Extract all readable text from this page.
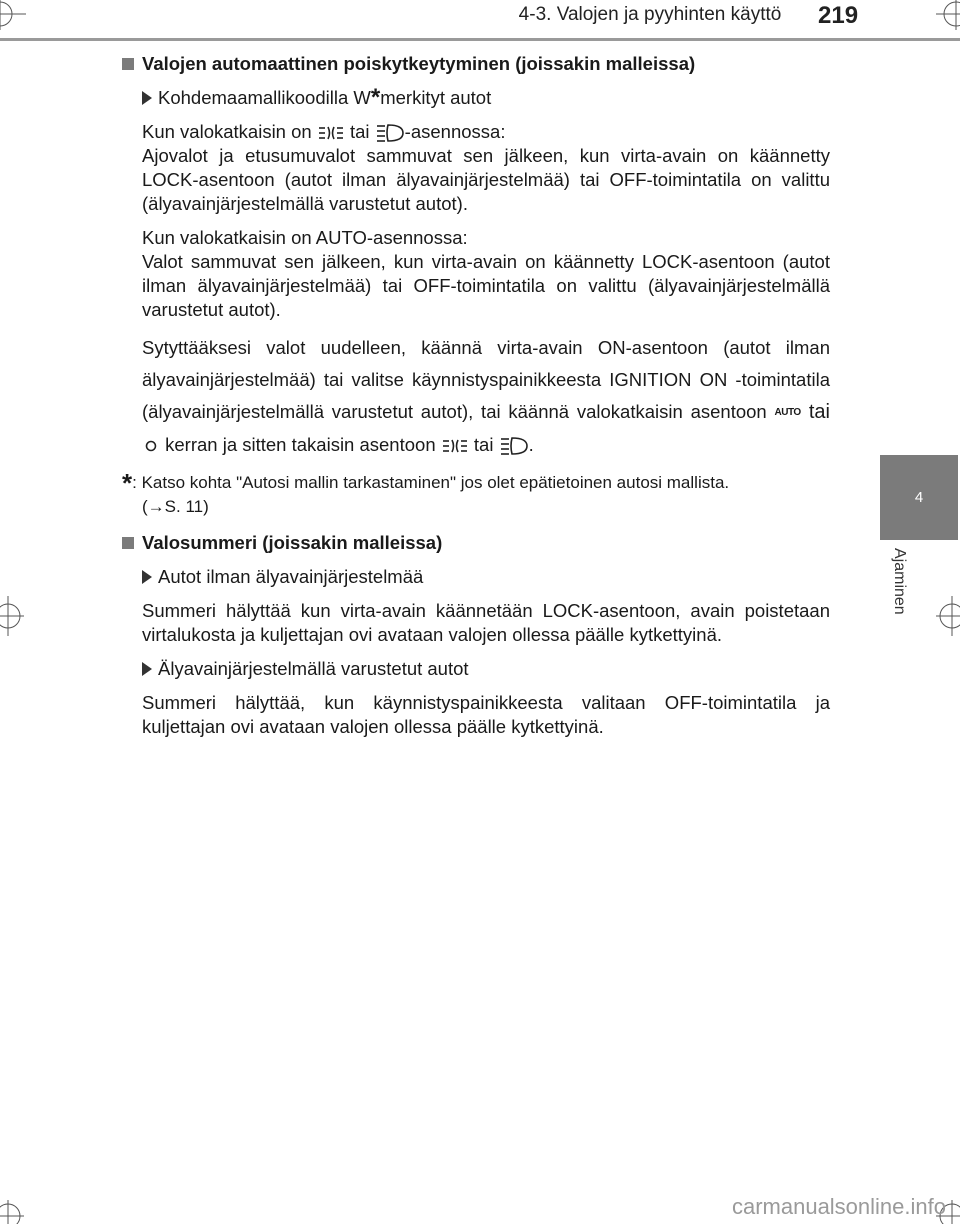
4-3. Valojen ja pyyhinten käyttö	219
4
Ajaminen
Valojen automaattinen poiskytkeytyminen (joissakin malleissa)
Kohdemaamallikoodilla W * merkityt autot

Kun valokatkaisin on  tai -asennossa:
Ajovalot ja etusumuvalot sammuvat sen jälkeen, kun virta-avain on käännetty LOCK-asentoon (autot ilman älyavainjärjestelmää) tai OFF-toimintatila on valittu (älyavainjärjestelmällä varustetut autot).

Kun valokatkaisin on AUTO-asennossa:
Valot sammuvat sen jälkeen, kun virta-avain on käännetty LOCK-asentoon (autot ilman älyavainjärjestelmää) tai OFF-toimintatila on valittu (älyavainjärjestelmällä varustetut autot).

Sytyttääksesi valot uudelleen, käännä virta-avain ON-asentoon (autot ilman älyavainjärjestelmää) tai valitse käynnistyspainikkeesta IGNITION ON -toimintatila (älyavainjärjestelmällä varustetut autot), tai käännä valokatkaisin asentoon AUTO tai  kerran ja sitten takaisin asentoon  tai .

*: Katso kohta "Autosi mallin tarkastaminen" jos olet epätietoinen autosi mallista.
(→S. 11)
Valosummeri (joissakin malleissa)
Autot ilman älyavainjärjestelmää

Summeri hälyttää kun virta-avain käännetään LOCK-asentoon, avain poistetaan virtalukosta ja kuljettajan ovi avataan valojen ollessa päälle kytkettyinä.

Älyavainjärjestelmällä varustetut autot

Summeri hälyttää, kun käynnistyspainikkeesta valitaan OFF-toimintatila ja kuljettajan ovi avataan valojen ollessa päälle kytkettyinä.

carmanualsonline.info
